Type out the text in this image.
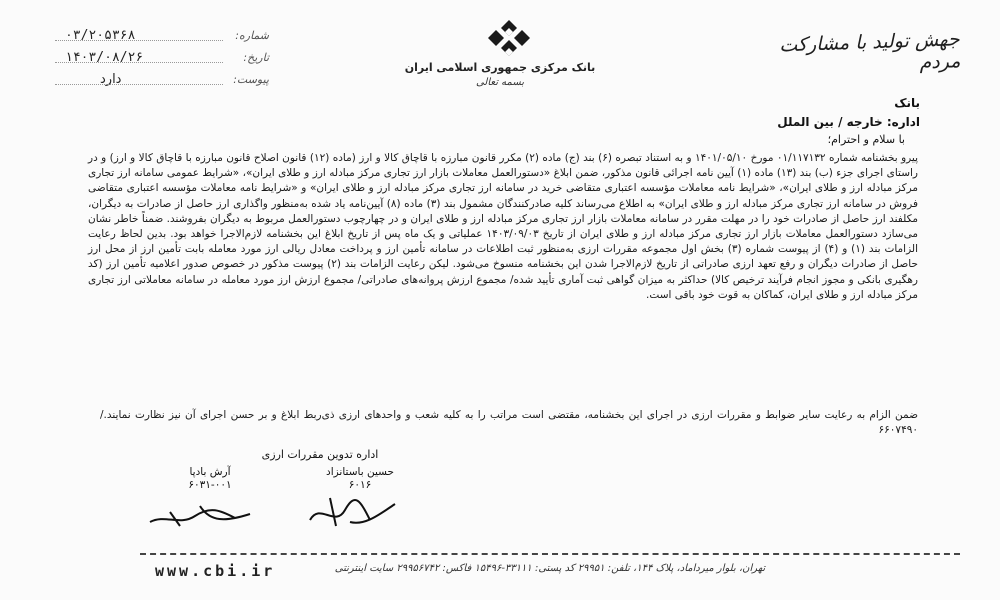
۰۳/۲۰۵۳۶۸	شماره:
۱۴۰۳/۰۸/۲۶	تاریخ:
دارد	پیوست:
بانک مرکزی جمهوری اسلامی ایران
بسمه تعالی
جهش تولید با مشارکت مردم
بانک
اداره: خارجه / بین الملل
با سلام و احترام؛
پیرو بخشنامه شماره ۰۱/۱۱۷۱۳۲ مورخ ۱۴۰۱/۰۵/۱۰ و به استناد تبصره (۶) بند (ج) ماده (۲) مکرر قانون مبارزه با قاچاق کالا و ارز (ماده (۱۲) قانون اصلاح قانون مبارزه با قاچاق کالا و ارز) و در راستای اجرای جزء (ب) بند (۱۳) ماده (۱) آیین نامه اجرائی قانون مذکور، ضمن ابلاغ «دستورالعمل معاملات بازار ارز تجاری مرکز مبادله ارز و طلای ایران»، «شرایط عمومی سامانه ارز تجاری مرکز مبادله ارز و طلای ایران»، «شرایط نامه معاملات مؤسسه اعتباری متقاضی خرید در سامانه ارز تجاری مرکز مبادله ارز و طلای ایران» و «شرایط نامه معاملات مؤسسه اعتباری متقاضی فروش در سامانه ارز تجاری مرکز مبادله ارز و طلای ایران» به اطلاع می‌رساند کلیه صادرکنندگان مشمول بند (۳) ماده (۸) آیین‌نامه یاد شده به‌منظور واگذاری ارز حاصل از صادرات به دیگران، مکلفند ارز حاصل از صادرات خود را در مهلت مقرر در سامانه معاملات بازار ارز تجاری مرکز مبادله ارز و طلای ایران و در چهارچوب دستورالعمل مربوط به دیگران بفروشند. ضمناً خاطر نشان می‌سازد دستورالعمل معاملات بازار ارز تجاری مرکز مبادله ارز و طلای ایران از تاریخ ۱۴۰۳/۰۹/۰۳ عملیاتی و یک ماه پس از تاریخ ابلاغ این بخشنامه لازم‌الاجرا خواهد بود. بدین لحاظ رعایت الزامات بند (۱) و (۴) از پیوست شماره (۳) بخش اول مجموعه مقررات ارزی به‌منظور ثبت اطلاعات در سامانه تأمین ارز و پرداخت معادل ریالی ارز مورد معامله بابت تأمین ارز از محل ارز حاصل از صادرات دیگران و رفع تعهد ارزی صادراتی از تاریخ لازم‌الاجرا شدن این بخشنامه منسوخ می‌شود. لیکن رعایت الزامات بند (۲) پیوست مذکور در خصوص صدور اعلامیه تأمین ارز (کد رهگیری بانکی و مجوز انجام فرآیند ترخیص کالا) حداکثر به میزان گواهی ثبت آماری تأیید شده/ مجموع ارزش پروانه‌های صادراتی/ مجموع ارزش ارز مورد معامله در سامانه معاملاتی ارز تجاری مرکز مبادله ارز و طلای ایران، کماکان به قوت خود باقی است.
ضمن الزام به رعایت سایر ضوابط و مقررات ارزی در اجرای این بخشنامه، مقتضی است مراتب را به کلیه شعب و واحدهای ارزی ذی‌ربط ابلاغ و بر حسن اجرای آن نیز نظارت نمایند./ ۶۶۰۷۴۹۰
اداره تدوین مقررات ارزی
آرش بادپا
۶۰۳۱-۰۰۱
حسین باستانزاد
۶۰۱۶
www.cbi.ir	تهران، بلوار میرداماد، پلاک ۱۴۴، تلفن: ۲۹۹۵۱ کد پستی: ۳۳۱۱۱-۱۵۴۹۶ فاکس: ۲۹۹۵۶۷۴۲ سایت اینترنتی
